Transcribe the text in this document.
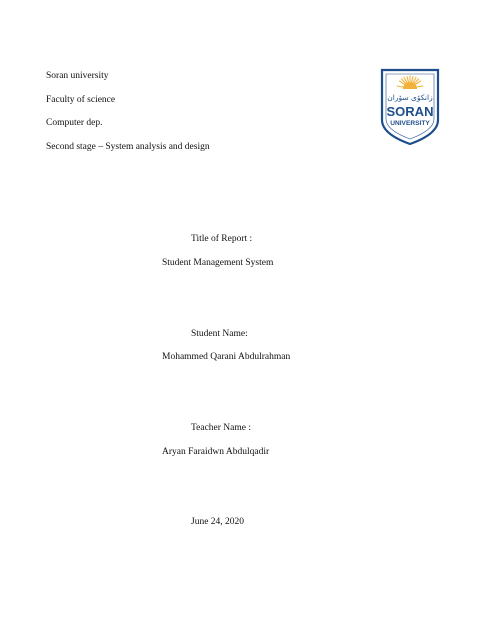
Soran university
Faculty of science
Computer dep.
Second stage – System analysis and design
زانكۆی سۆران
SORAN
UNIVERSITY
Title of Report :
Student Management System
Student Name:
Mohammed Qarani Abdulrahman
Teacher Name :
Aryan Faraidwn Abdulqadir
June 24, 2020
